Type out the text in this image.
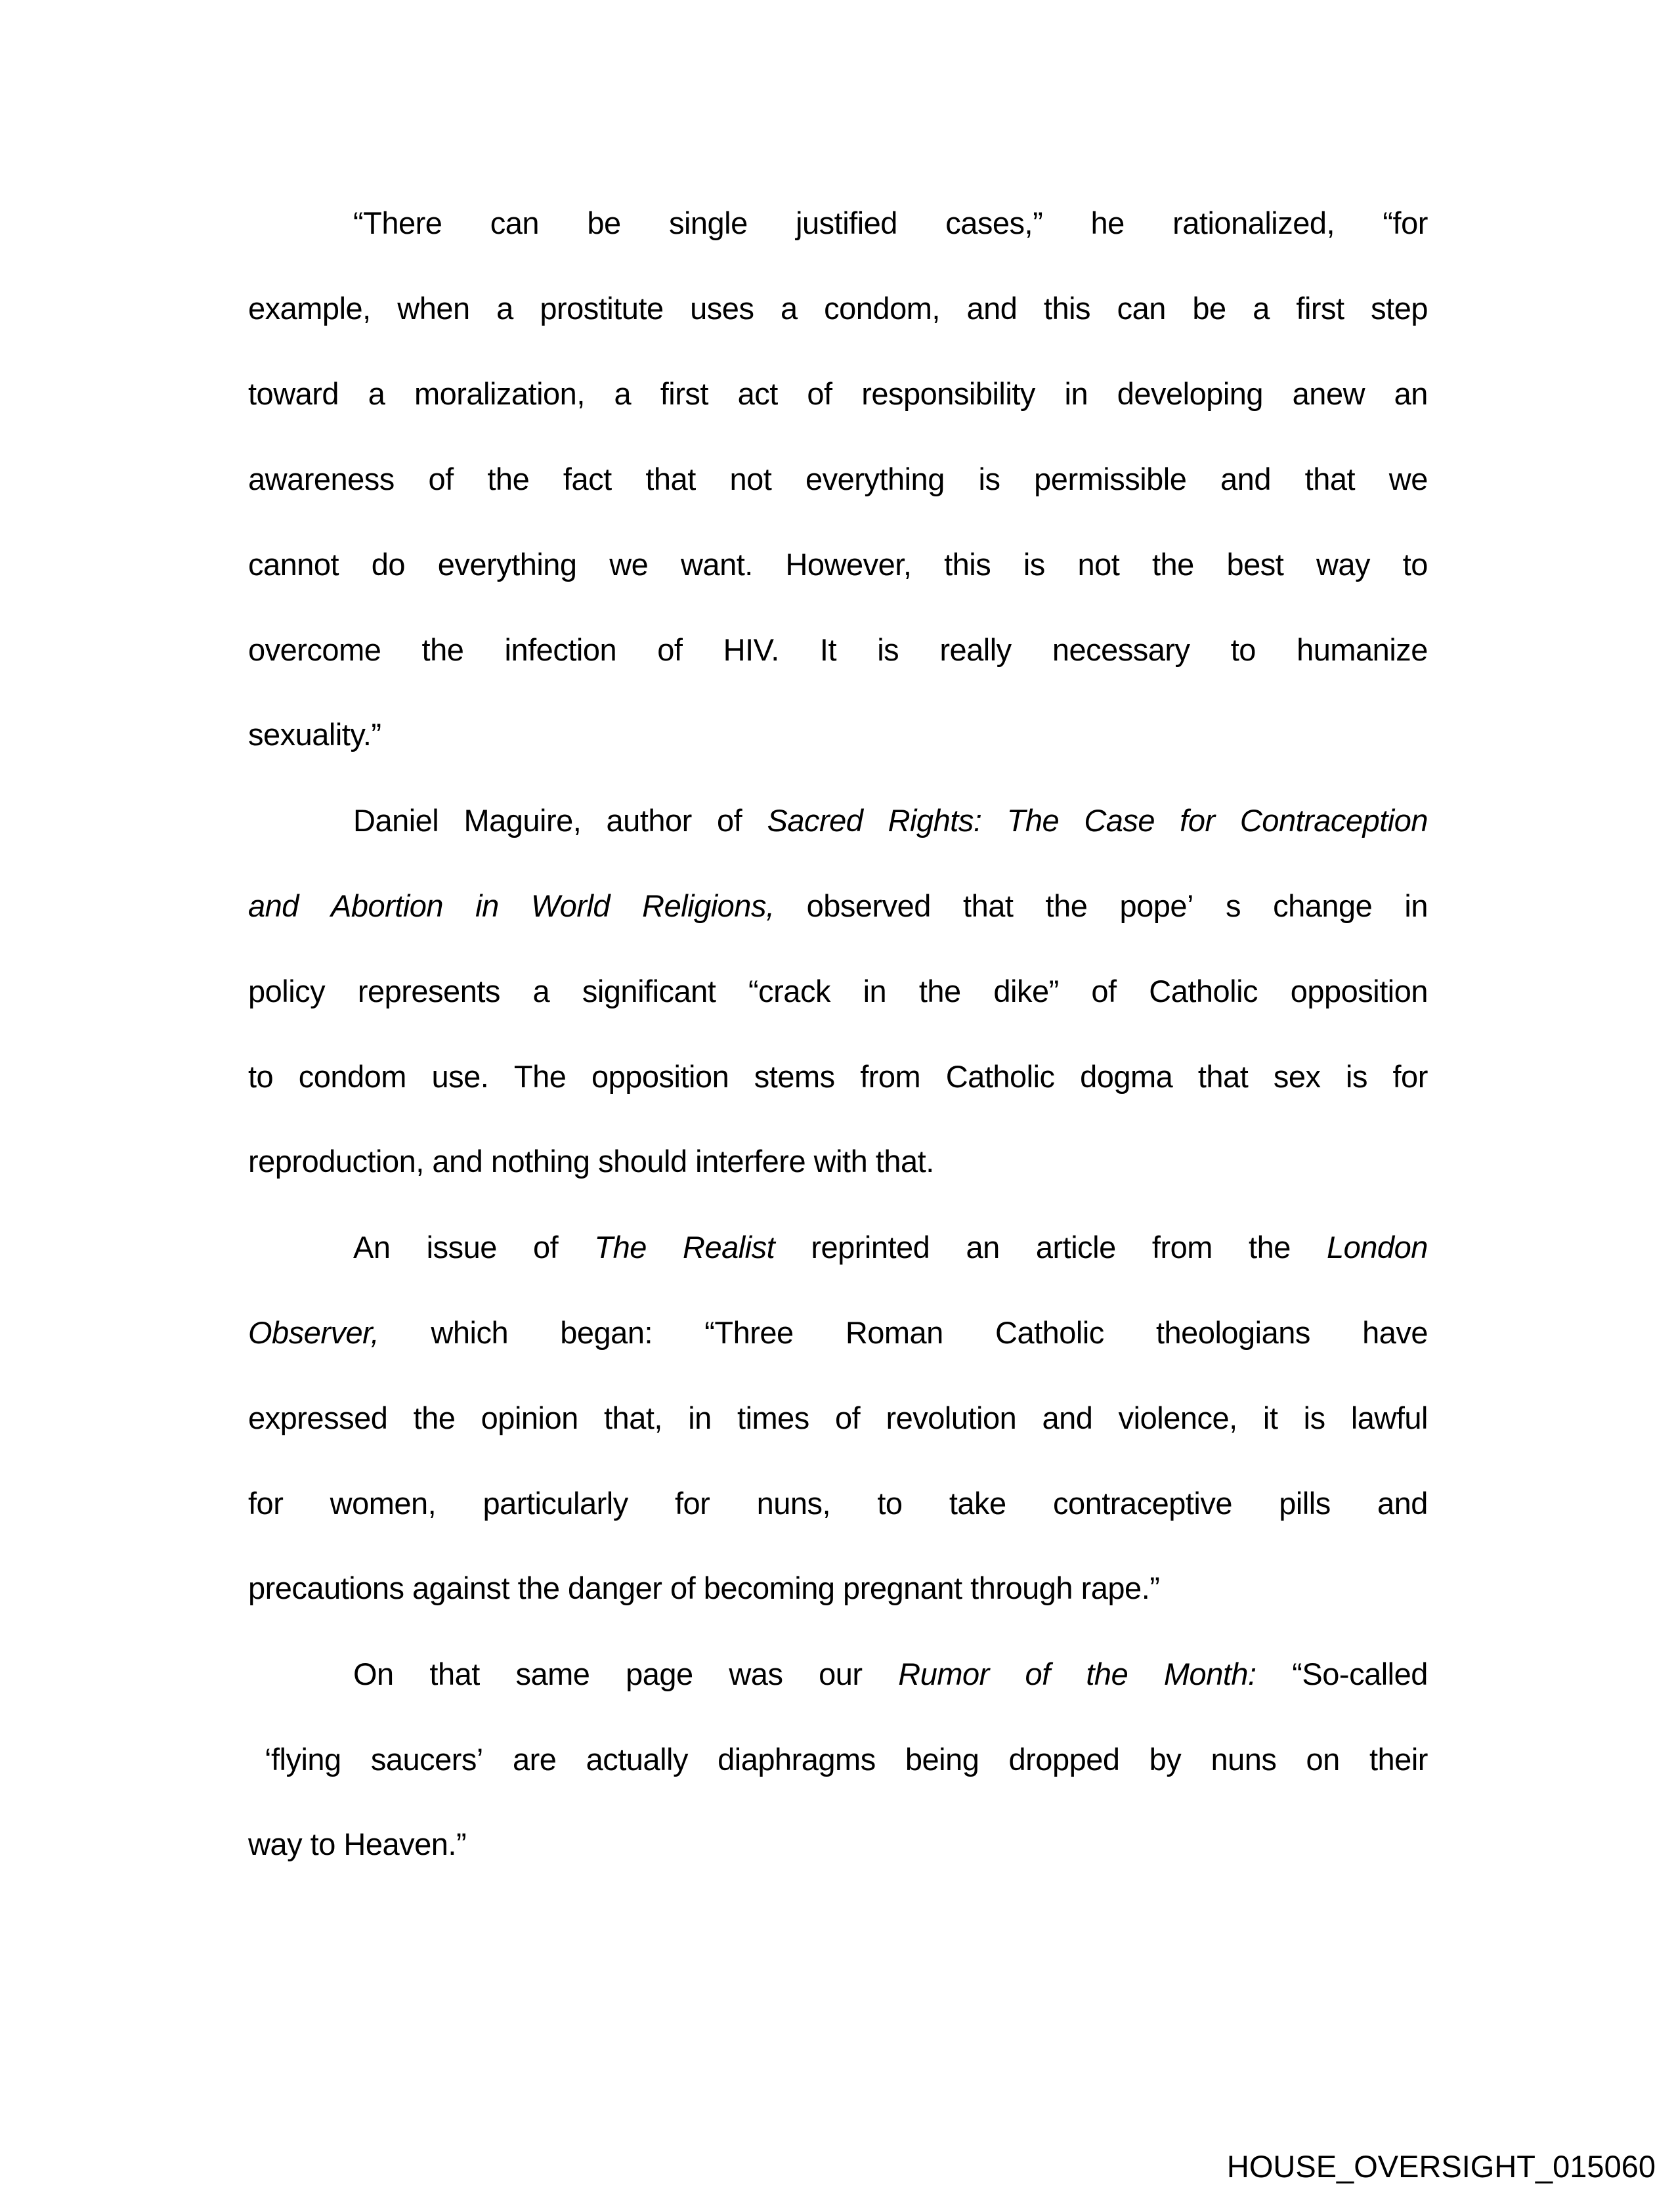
“There can be single justified cases,” he rationalized, “for
example, when a prostitute uses a condom, and this can be a first step
toward a moralization, a first act of responsibility in developing anew an
awareness of the fact that not everything is permissible and that we
cannot do everything we want. However, this is not the best way to
overcome the infection of HIV. It is really necessary to humanize
sexuality.”
Daniel Maguire, author of Sacred Rights: The Case for Contraception
and Abortion in World Religions, observed that the pope’ s change in
policy represents a significant “crack in the dike” of Catholic opposition
to condom use. The opposition stems from Catholic dogma that sex is for
reproduction, and nothing should interfere with that.
An issue of The Realist reprinted an article from the London
Observer, which began: “Three Roman Catholic theologians have
expressed the opinion that, in times of revolution and violence, it is lawful
for women, particularly for nuns, to take contraceptive pills and
precautions against the danger of becoming pregnant through rape.”
On that same page was our Rumor of the Month: “So-called
‘flying saucers’ are actually diaphragms being dropped by nuns on their
way to Heaven.”
HOUSE_OVERSIGHT_015060
